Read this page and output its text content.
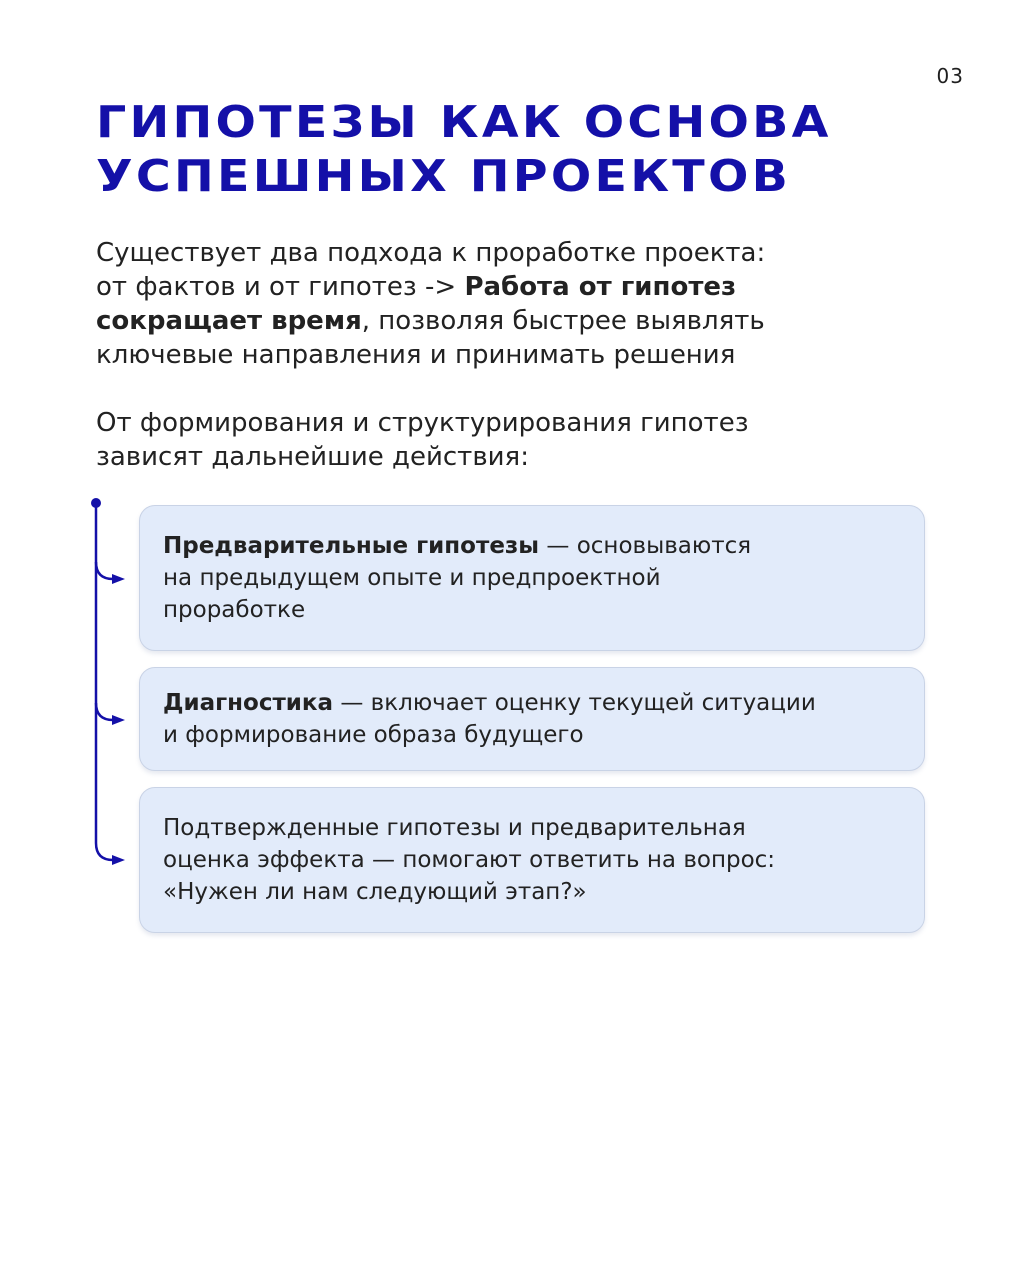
03
ГИПОТЕЗЫ КАК ОСНОВА
УСПЕШНЫХ ПРОЕКТОВ

Существует два подхода к проработке проекта:
от фактов и от гипотез -> Работа от гипотез
сокращает время, позволяя быстрее выявлять
ключевые направления и принимать решения

От формирования и структурирования гипотез
зависят дальнейшие действия:

Предварительные гипотезы — основываются
на предыдущем опыте и предпроектной
проработке
Диагностика — включает оценку текущей ситуации
и формирование образа будущего
Подтвержденные гипотезы и предварительная
оценка эффекта — помогают ответить на вопрос:
«Нужен ли нам следующий этап?»
